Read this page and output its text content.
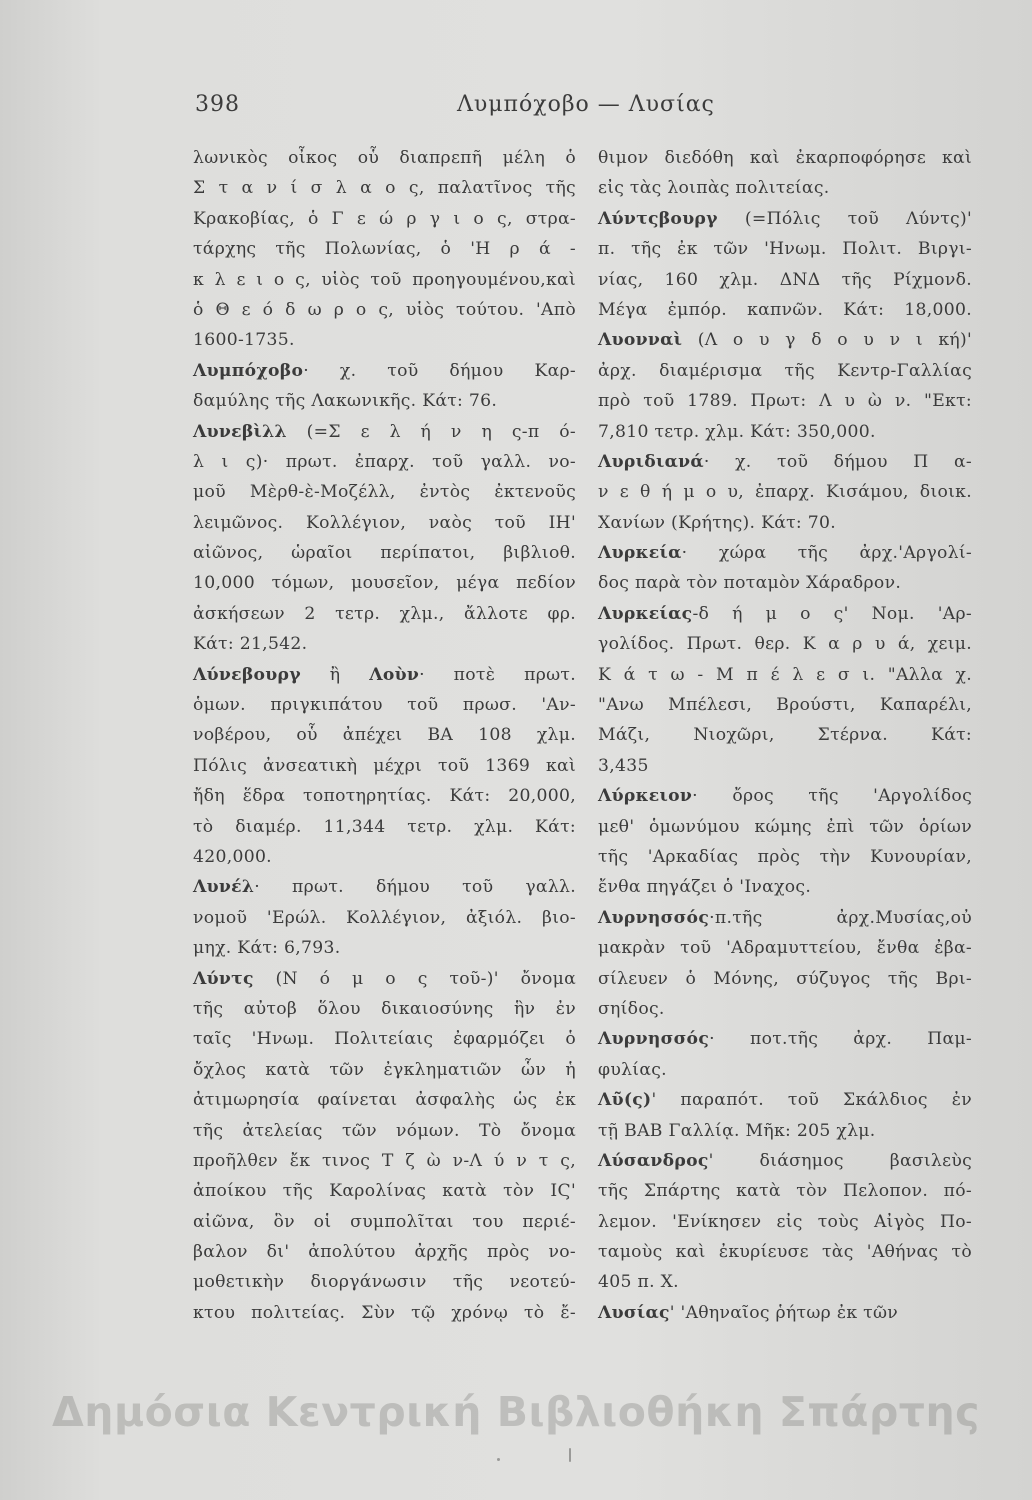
398	Λυμπόχοβο — Λυσίας
λωνικὸς οἶκος οὗ διαπρεπῆ μέλη ὁ
Σ τ α ν ί σ λ α ο ς, παλατῖνος τῆς
Κρακοβίας, ὁ Γ ε ώ ρ γ ι ο ς, στρα-
τάρχης τῆς Πολωνίας, ὁ 'Η ρ ά -
κ λ ε ι ο ς, υἱὸς τοῦ προηγουμένου,καὶ
ὁ Θ ε ό δ ω ρ ο ς, υἱὸς τούτου. 'Απὸ
1600-1735.
Λυμπόχοβο· χ. τοῦ δήμου Καρ-
δαμύλης τῆς Λακωνικῆς. Κάτ: 76.
Λυνεβὶλλ (=Σ ε λ ή ν η ς-π ό-
λ ι ς)· πρωτ. ἐπαρχ. τοῦ γαλλ. νο-
μοῦ Μὲρθ-ὲ-Μοζέλλ, ἐντὸς ἐκτενοῦς
λειμῶνος. Κολλέγιον, ναὸς τοῦ ΙΗ'
αἰῶνος, ὡραῖοι περίπατοι, βιβλιοθ.
10,000 τόμων, μουσεῖον, μέγα πεδίον
ἀσκήσεων 2 τετρ. χλμ., ἄλλοτε φρ.
Κάτ: 21,542.
Λύνεβουργ ἢ Λοὺν· ποτὲ πρωτ.
ὁμων. πριγκιπάτου τοῦ πρωσ. 'Αν-
νοβέρου, οὗ ἀπέχει ΒΑ 108 χλμ.
Πόλις ἀνσεατικὴ μέχρι τοῦ 1369 καὶ
ἤδη ἕδρα τοποτηρητίας. Κάτ: 20,000,
τὸ διαμέρ. 11,344 τετρ. χλμ. Κάτ:
420,000.
Λυνέλ· πρωτ. δήμου τοῦ γαλλ.
νομοῦ 'Ερώλ. Κολλέγιον, ἀξιόλ. βιο-
μηχ. Κάτ: 6,793.
Λύντς (Ν ό μ ο ς τοῦ-)' ὄνομα
τῆς αὐτοβ ὅλου δικαιοσύνης ἣν ἐν
ταῖς 'Ηνωμ. Πολιτείαις ἐφαρμόζει ὁ
ὄχλος κατὰ τῶν ἐγκληματιῶν ὧν ἡ
ἀτιμωρησία φαίνεται ἀσφαλὴς ὡς ἐκ
τῆς ἀτελείας τῶν νόμων. Τὸ ὄνομα
προῆλθεν ἔκ τινος Τ ζ ὼ ν-Λ ύ ν τ ς,
ἀποίκου τῆς Καρολίνας κατὰ τὸν ΙϚ'
αἰῶνα, ὃν οἱ συμπολῖται του περιέ-
βαλον δι' ἀπολύτου ἀρχῆς πρὸς νο-
μοθετικὴν διοργάνωσιν τῆς νεοτεύ-
κτου πολιτείας. Σὺν τῷ χρόνῳ τὸ ἔ-
θιμον διεδόθη καὶ ἐκαρποφόρησε καὶ
εἰς τὰς λοιπὰς πολιτείας.
Λύντςβουργ (=Πόλις τοῦ Λύντς)'
π. τῆς ἐκ τῶν 'Ηνωμ. Πολιτ. Βιργι-
νίας, 160 χλμ. ΔΝΔ τῆς Ρίχμονδ.
Μέγα ἐμπόρ. καπνῶν. Κάτ: 18,000.
Λυονναὶ (Λ ο υ γ δ ο υ ν ι κή)'
ἀρχ. διαμέρισμα τῆς Κεντρ-Γαλλίας
πρὸ τοῦ 1789. Πρωτ: Λ υ ὼ ν. "Εκτ:
7,810 τετρ. χλμ. Κάτ: 350,000.
Λυριδιανά· χ. τοῦ δήμου Π α-
ν ε θ ή μ ο υ, ἐπαρχ. Κισάμου, διοικ.
Χανίων (Κρήτης). Κάτ: 70.
Λυρκεία· χώρα τῆς ἀρχ.'Αργολί-
δος παρὰ τὸν ποταμὸν Χάραδρον.
Λυρκείας-δ ή μ ο ς' Νομ. 'Αρ-
γολίδος. Πρωτ. θερ. Κ α ρ υ ά, χειμ.
Κ ά τ ω - Μ π έ λ ε σ ι. "Αλλα χ.
"Ανω Μπέλεσι, Βρούστι, Καπαρέλι,
Μάζι, Νιοχῶρι, Στέρνα. Κάτ:
3,435
Λύρκειον· ὄρος τῆς 'Αργολίδος
μεθ' ὁμωνύμου κώμης ἐπὶ τῶν ὁρίων
τῆς 'Αρκαδίας πρὸς τὴν Κυνουρίαν,
ἔνθα πηγάζει ὁ 'Ιναχος.
Λυρνησσός·π.τῆς ἀρχ.Μυσίας,οὐ
μακρὰν τοῦ 'Αδραμυττείου, ἔνθα ἐβα-
σίλευεν ὁ Μόνης, σύζυγος τῆς Βρι-
σηίδος.
Λυρνησσός· ποτ.τῆς ἀρχ. Παμ-
φυλίας.
Λῦ(ς)' παραπότ. τοῦ Σκάλδιος ἐν
τῇ ΒΑΒ Γαλλίᾳ. Μῆκ: 205 χλμ.
Λύσανδρος' διάσημος βασιλεὺς
τῆς Σπάρτης κατὰ τὸν Πελοπον. πό-
λεμον. 'Ενίκησεν εἰς τοὺς Αἰγὸς Πο-
ταμοὺς καὶ ἐκυρίευσε τὰς 'Αθήνας τὸ
405 π. Χ.
Λυσίας' 'Αθηναῖος ῥήτωρ ἐκ τῶν
Δημόσια Κεντρική Βιβλιοθήκη Σπάρτης
